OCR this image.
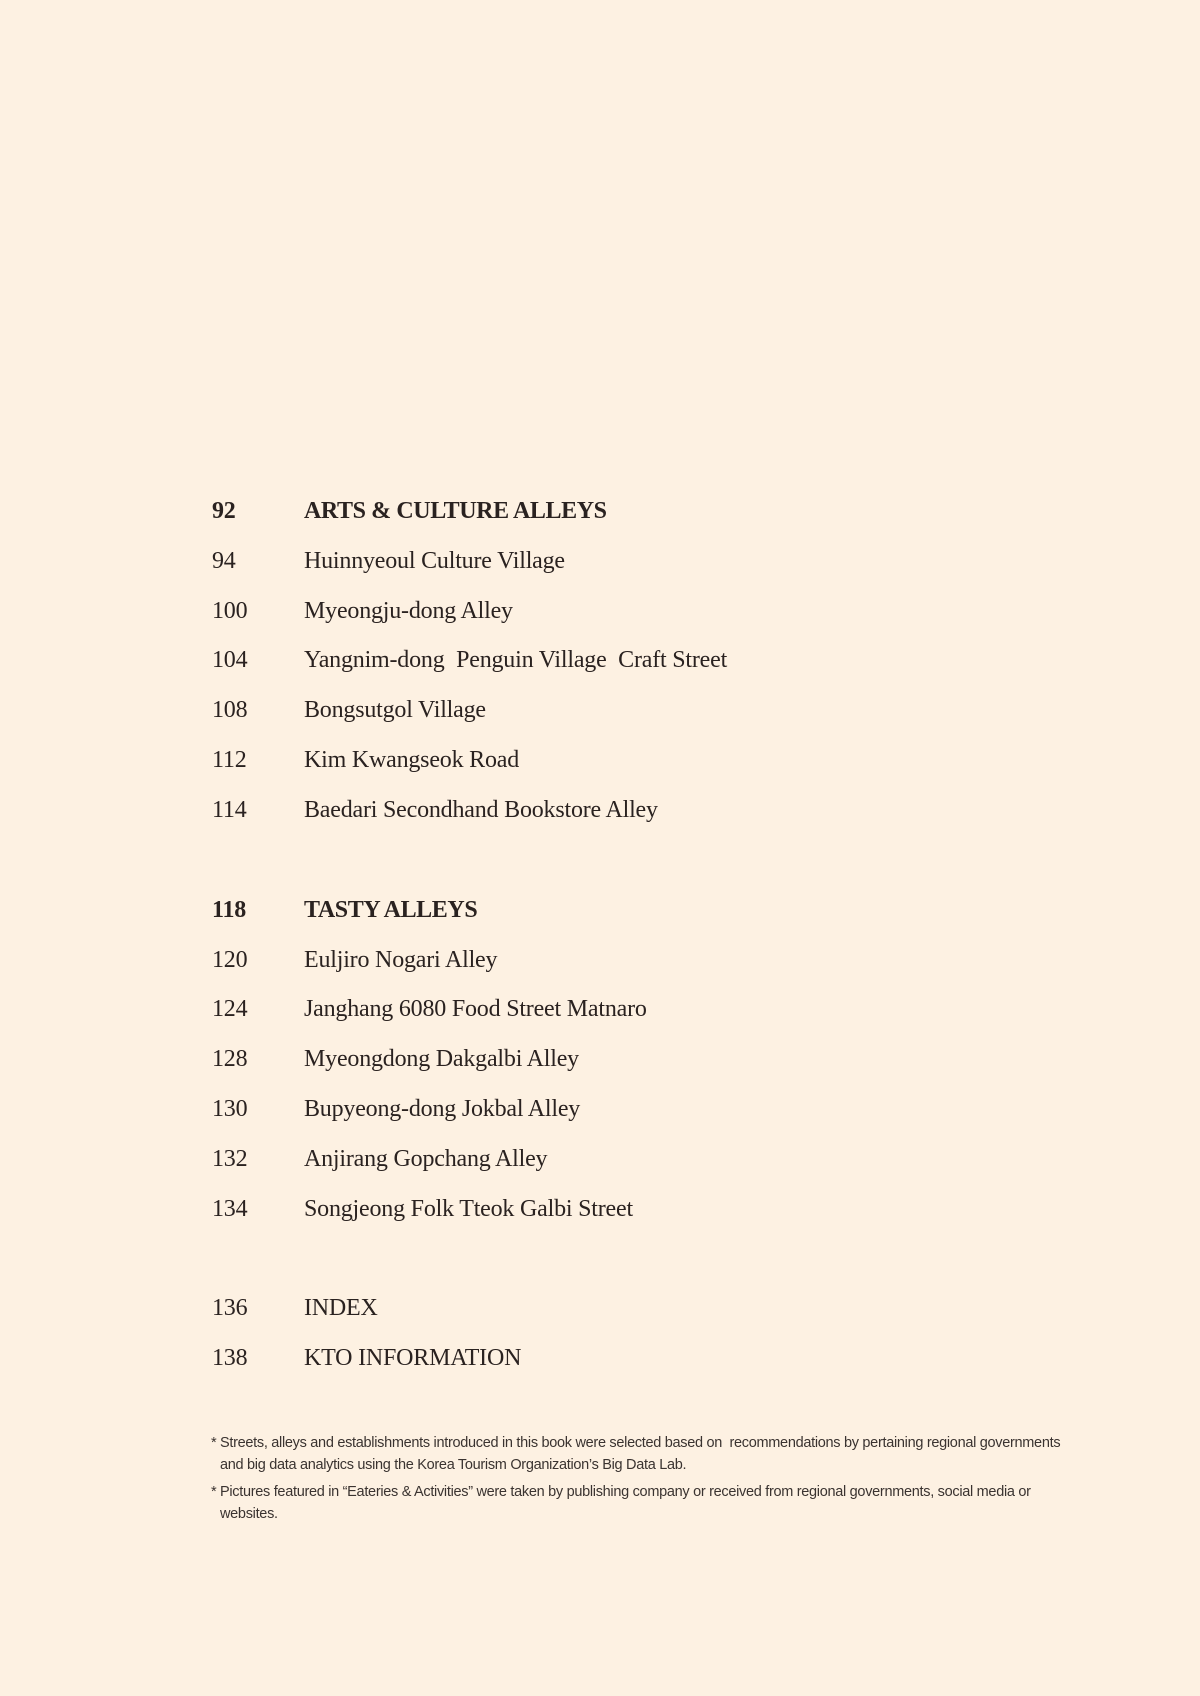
92	ARTS & CULTURE ALLEYS
94	Huinnyeoul Culture Village
100	Myeongju-dong Alley
104	Yangnim-dong  Penguin Village  Craft Street
108	Bongsutgol Village
112	Kim Kwangseok Road
114	Baedari Secondhand Bookstore Alley
118	TASTY ALLEYS
120	Euljiro Nogari Alley
124	Janghang 6080 Food Street Matnaro
128	Myeongdong Dakgalbi Alley
130	Bupyeong-dong Jokbal Alley
132	Anjirang Gopchang Alley
134	Songjeong Folk Tteok Galbi Street
136	INDEX
138	KTO INFORMATION
* Streets, alleys and establishments introduced in this book were selected based on  recommendations by pertaining regional governments and big data analytics using the Korea Tourism Organization’s Big Data Lab.
* Pictures featured in “Eateries & Activities” were taken by publishing company or received from regional governments, social media or websites.
